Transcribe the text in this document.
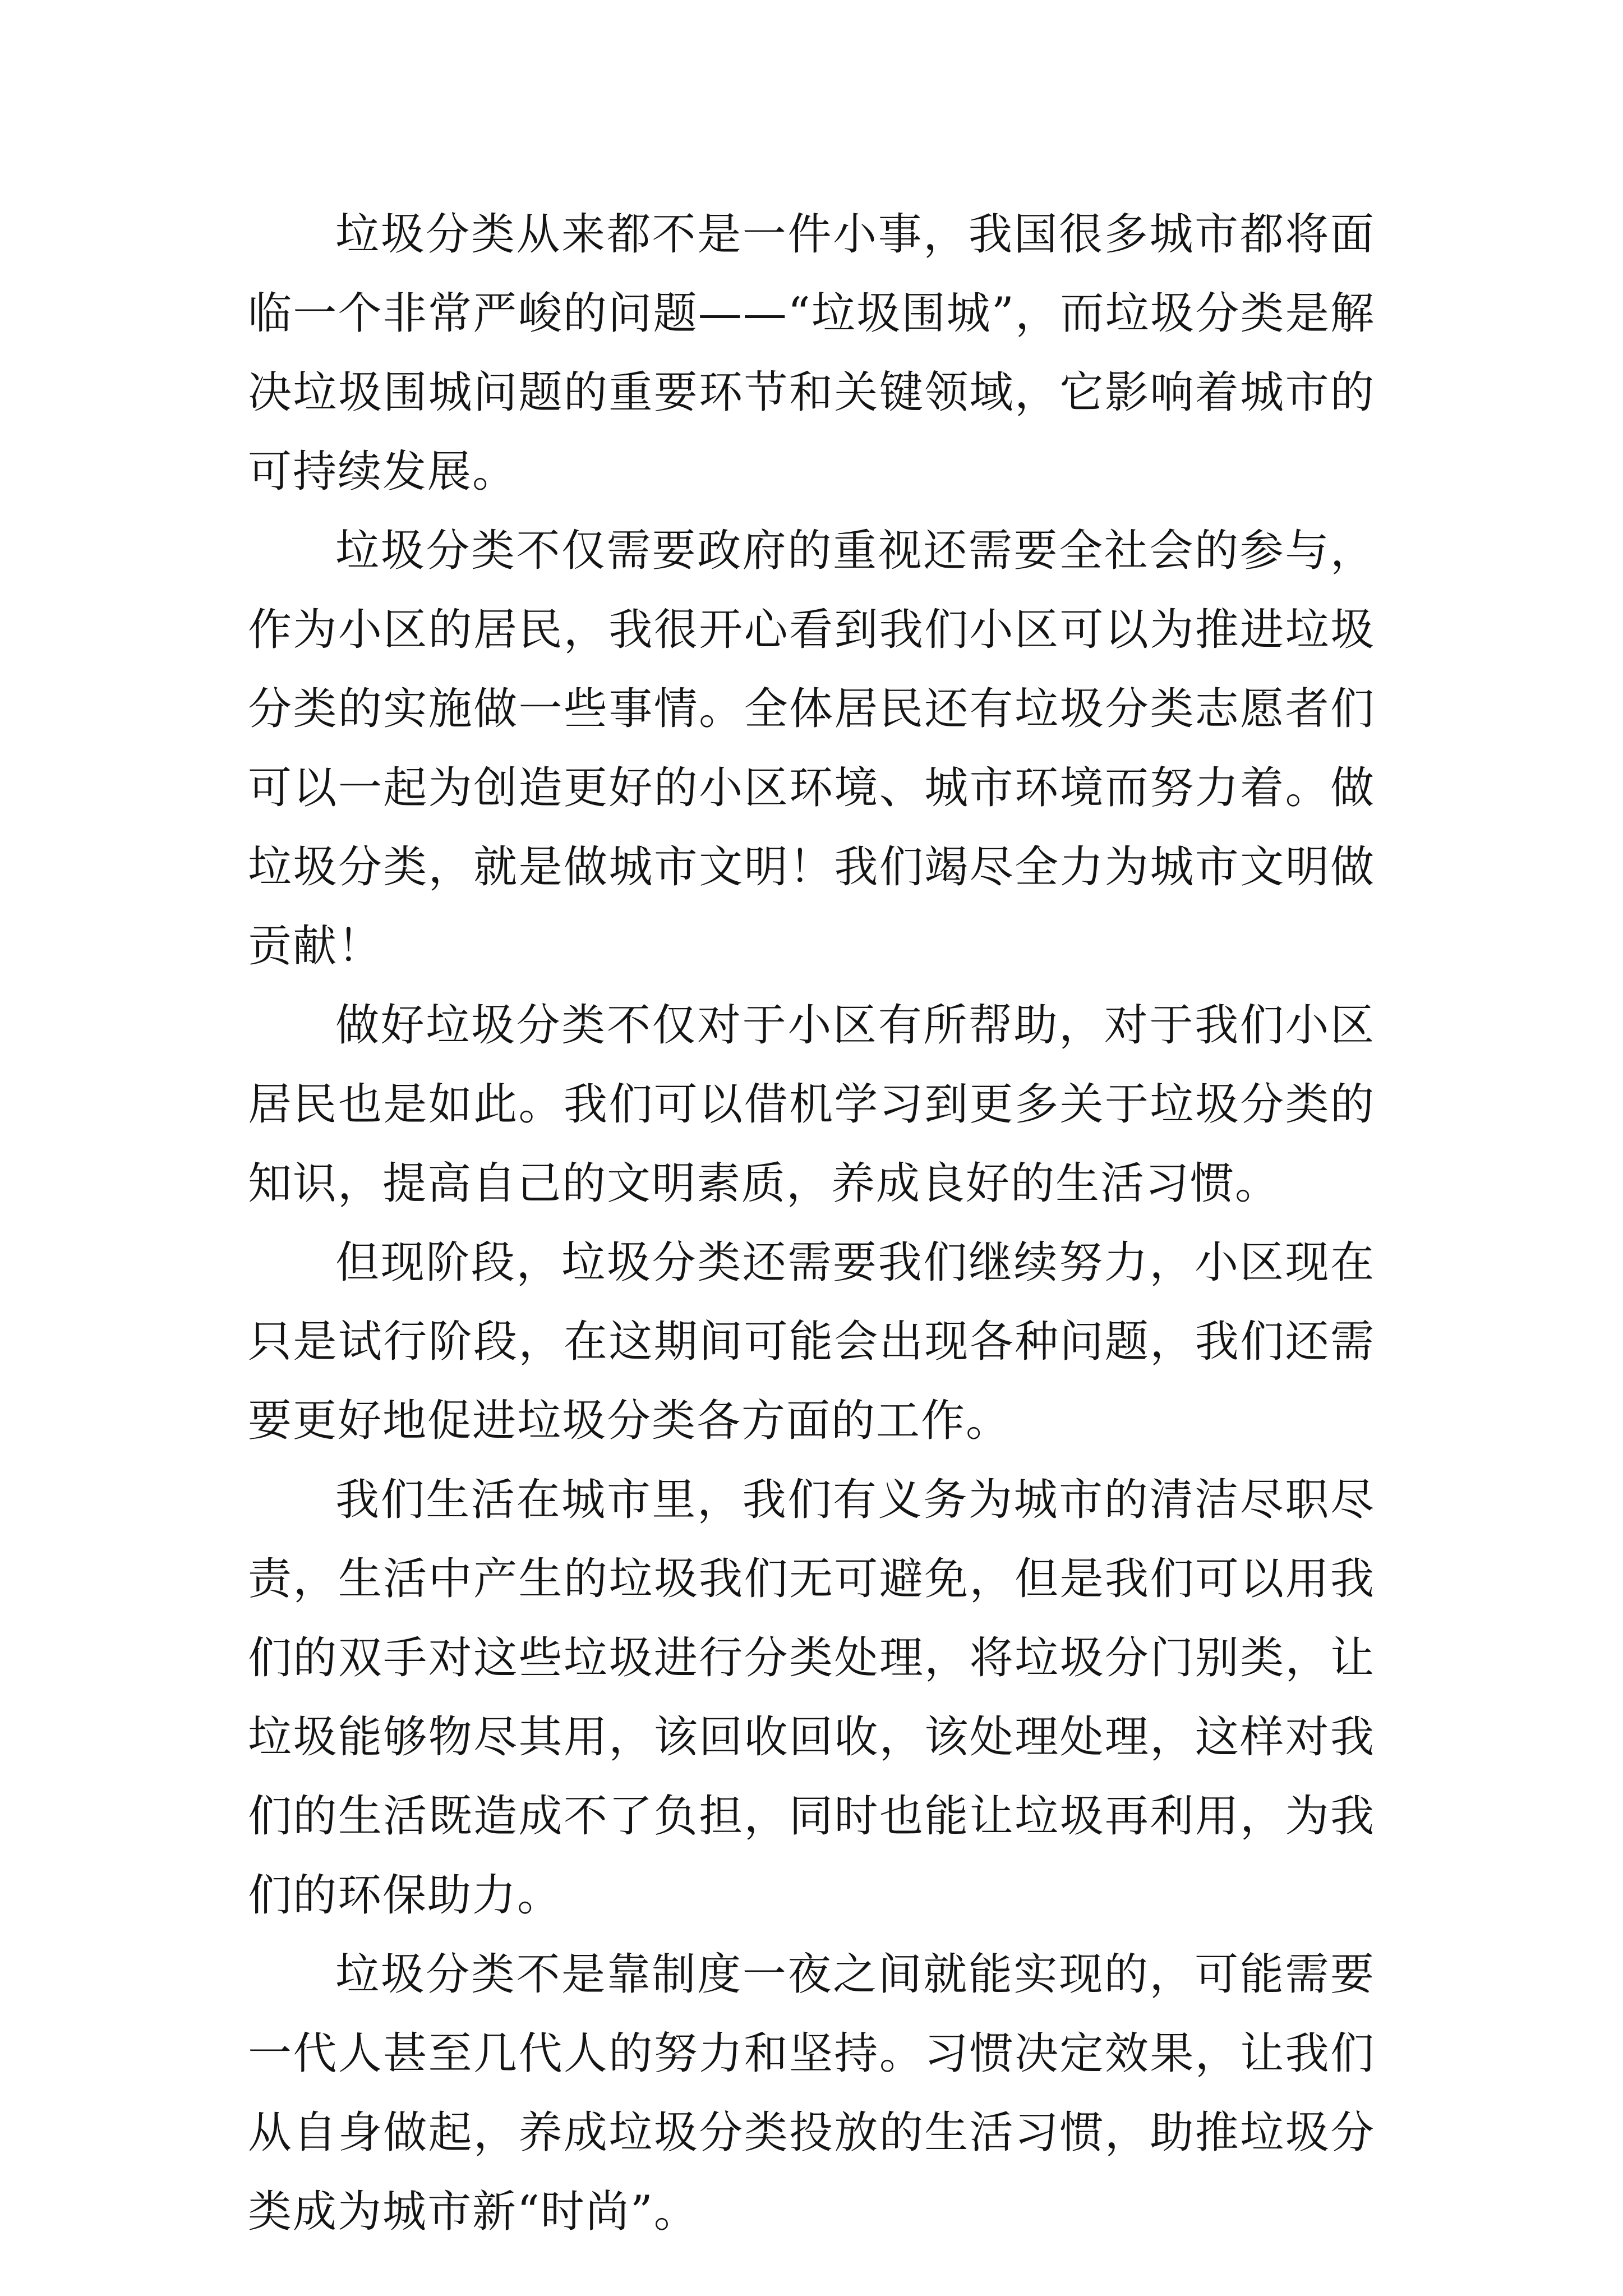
垃圾分类从来都不是一件小事，我国很多城市都将面临一个非常严峻的问题——“垃圾围城”，而垃圾分类是解决垃圾围城问题的重要环节和关键领域，它影响着城市的可持续发展。

垃圾分类不仅需要政府的重视还需要全社会的参与，作为小区的居民，我很开心看到我们小区可以为推进垃圾分类的实施做一些事情。全体居民还有垃圾分类志愿者们可以一起为创造更好的小区环境、城市环境而努力着。做垃圾分类，就是做城市文明！我们竭尽全力为城市文明做贡献！

做好垃圾分类不仅对于小区有所帮助，对于我们小区居民也是如此。我们可以借机学习到更多关于垃圾分类的知识，提高自己的文明素质，养成良好的生活习惯。

但现阶段，垃圾分类还需要我们继续努力，小区现在只是试行阶段，在这期间可能会出现各种问题，我们还需要更好地促进垃圾分类各方面的工作。

我们生活在城市里，我们有义务为城市的清洁尽职尽责，生活中产生的垃圾我们无可避免，但是我们可以用我们的双手对这些垃圾进行分类处理，将垃圾分门别类，让垃圾能够物尽其用，该回收回收，该处理处理，这样对我们的生活既造成不了负担，同时也能让垃圾再利用，为我们的环保助力。

垃圾分类不是靠制度一夜之间就能实现的，可能需要一代人甚至几代人的努力和坚持。习惯决定效果，让我们从自身做起，养成垃圾分类投放的生活习惯，助推垃圾分类成为城市新“时尚”。
